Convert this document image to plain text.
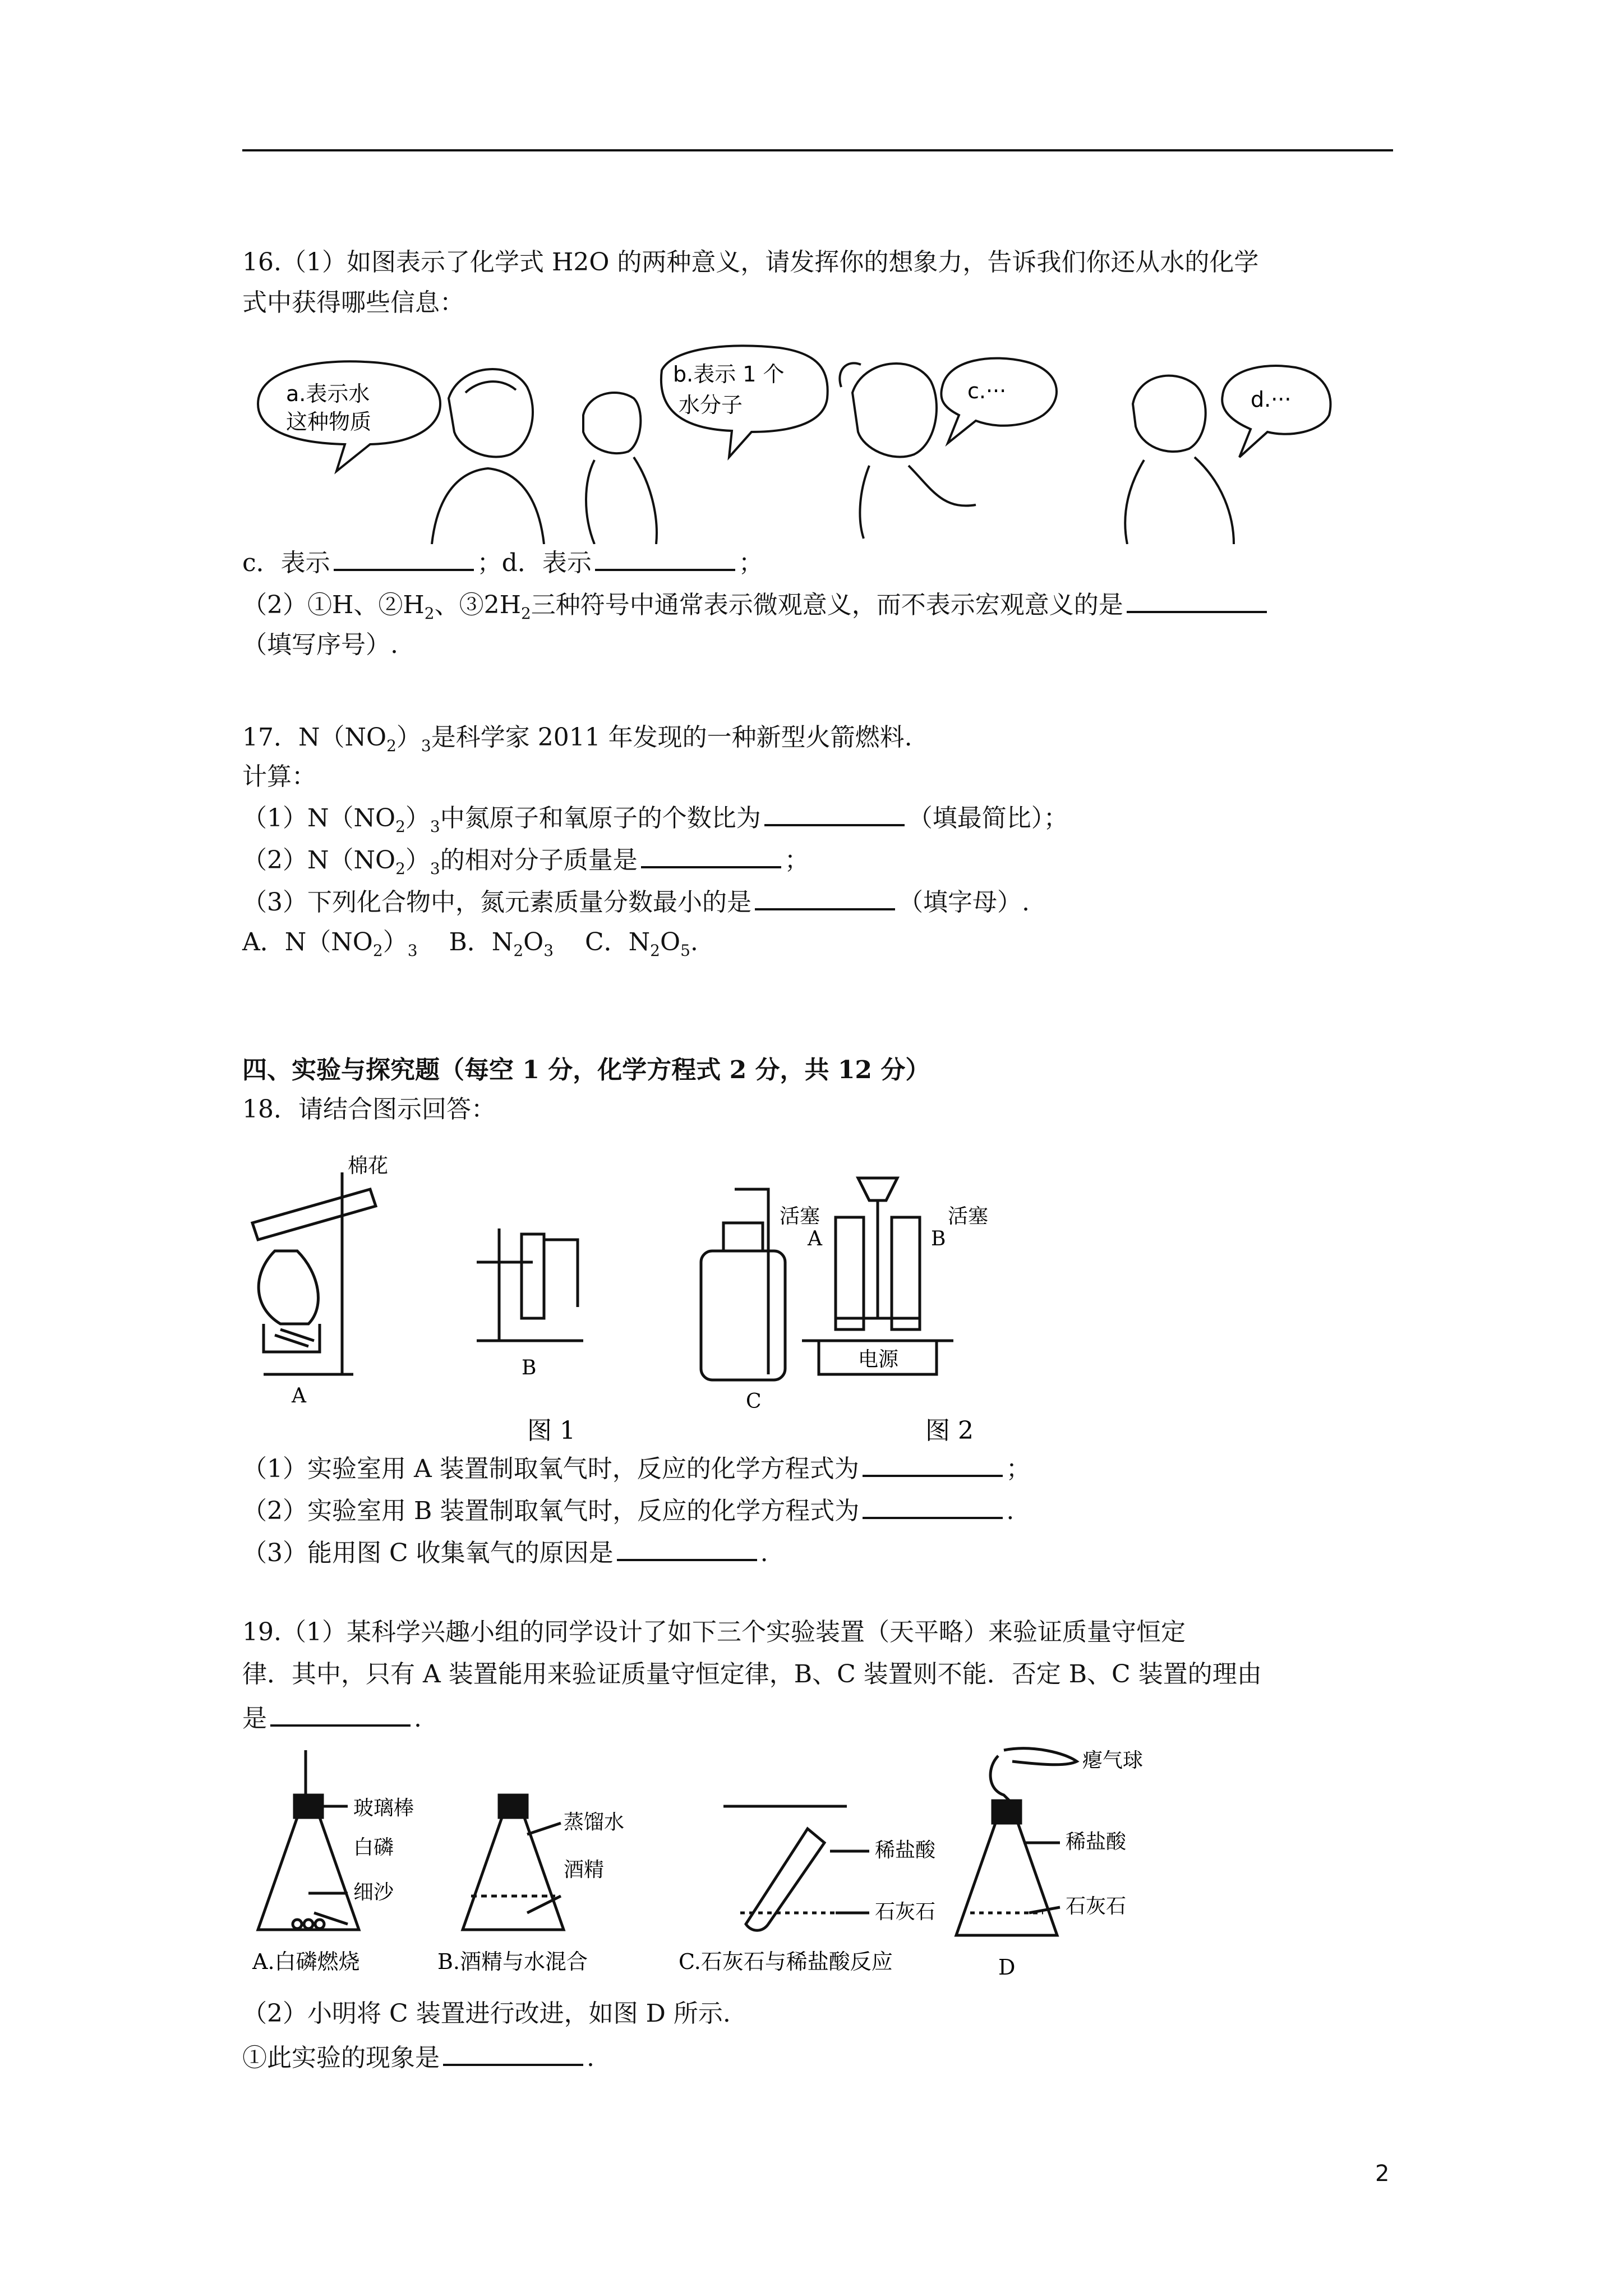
16.（1）如图表示了化学式 H2O 的两种意义，请发挥你的想象力，告诉我们你还从水的化学
式中获得哪些信息：
a.表示水
这种物质
b.表示 1 个
水分子
c.···	d.···
c．表示	；d．表示	；
（2）①H、$②H_2$、$③2H_2$三种符号中通常表示微观意义，而不表示宏观意义的是
（填写序号）.
17．$N(NO_2)_3$是科学家 2011 年发现的一种新型火箭燃料.
计算：
$(1)N(NO_2)_3$中氮原子和氧原子的个数比为	（填最简比）；
$(2)N(NO_2)_3$的相对分子质量是	；
（3）下列化合物中，氮元素质量分数最小的是	（填字母）.
A．$N(NO_2)_3$ B．$N_2O_3$ C．$N_2O_5$.
四、实验与探究题（每空 1 分，化学方程式 2 分，共 12 分）
18．请结合图示回答：
棉花
A
B
C
活塞	活塞
A	B
电源
图 1	图 2
（1）实验室用 A 装置制取氧气时，反应的化学方程式为	；
（2）实验室用 B 装置制取氧气时，反应的化学方程式为	.
（3）能用图 C 收集氧气的原因是	.
19.（1）某科学兴趣小组的同学设计了如下三个实验装置（天平略）来验证质量守恒定
律．其中，只有 A 装置能用来验证质量守恒定律，B、C 装置则不能．否定 B、C 装置的理由
是	.
玻璃棒
白磷
细沙
蒸馏水
酒精
稀盐酸
石灰石
瘪气球
稀盐酸
石灰石
A.白磷燃烧	B.酒精与水混合	C.石灰石与稀盐酸反应	D
（2）小明将 C 装置进行改进，如图 D 所示.
①此实验的现象是	.
2
